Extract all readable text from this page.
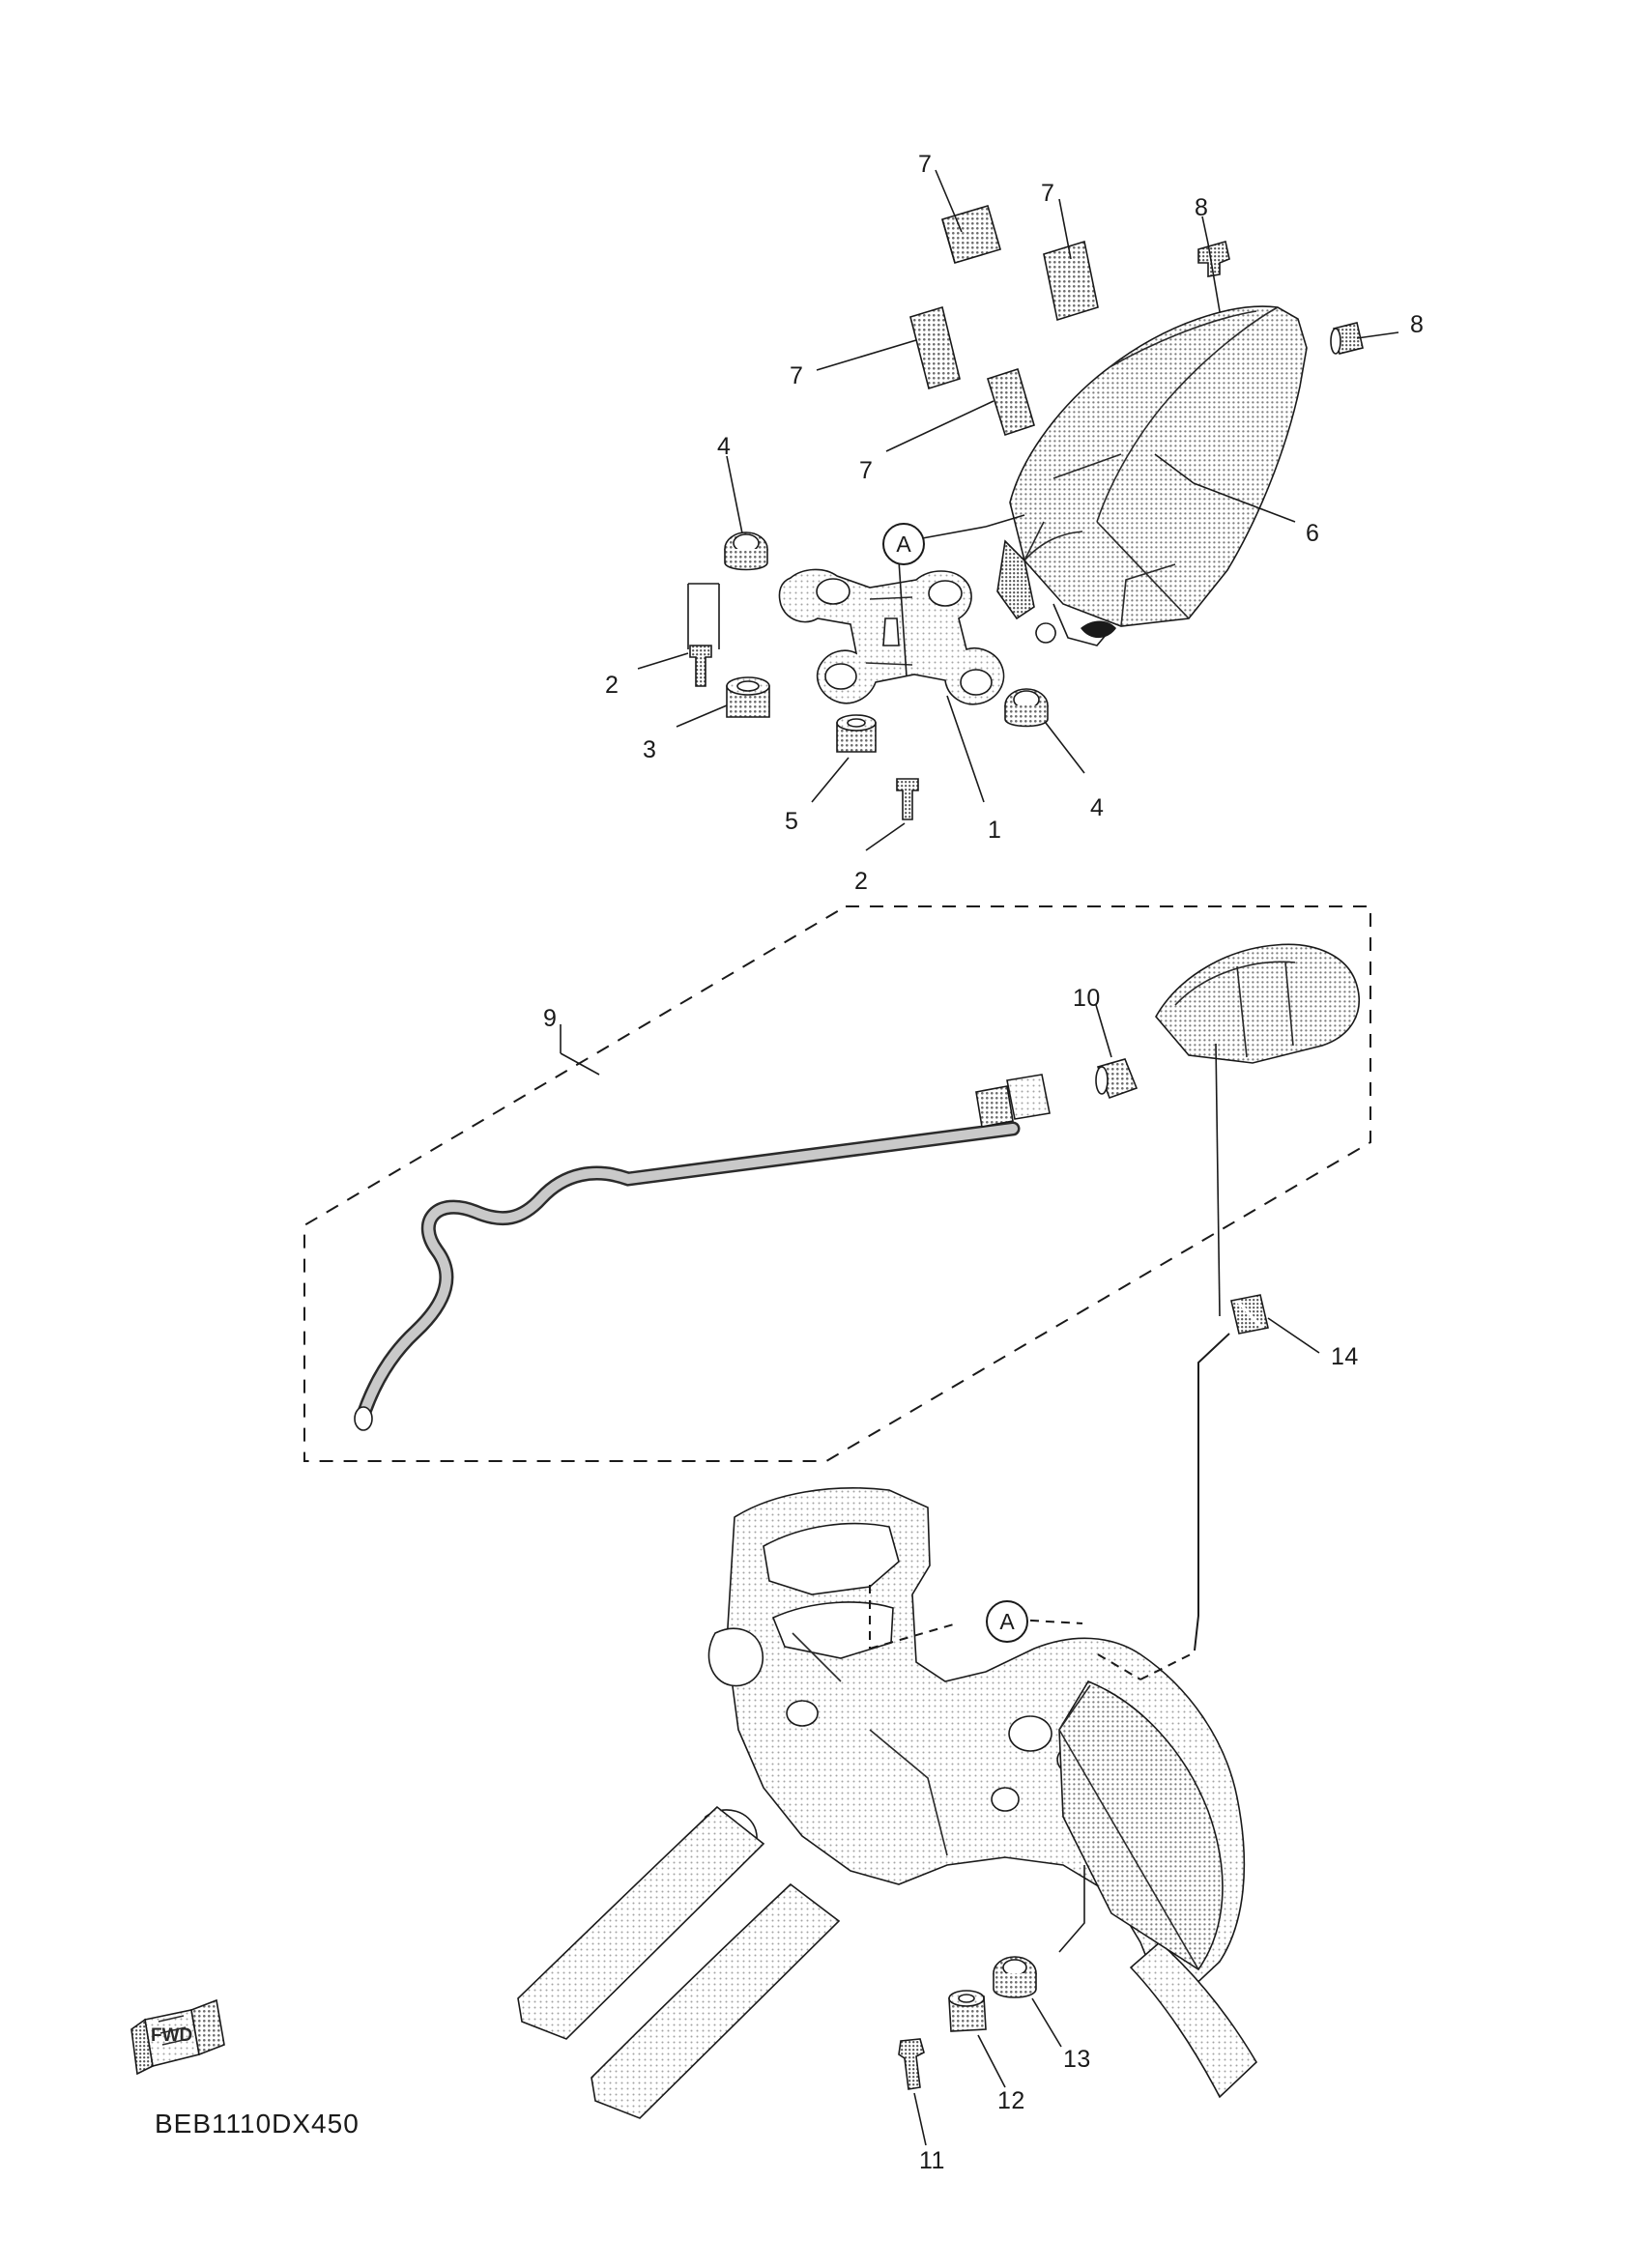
7
7
8
8
7
7
6
4
2
3
5	1
4
2
9
10
14
13
12
11
A
A
FWD
BEB1110DX450
